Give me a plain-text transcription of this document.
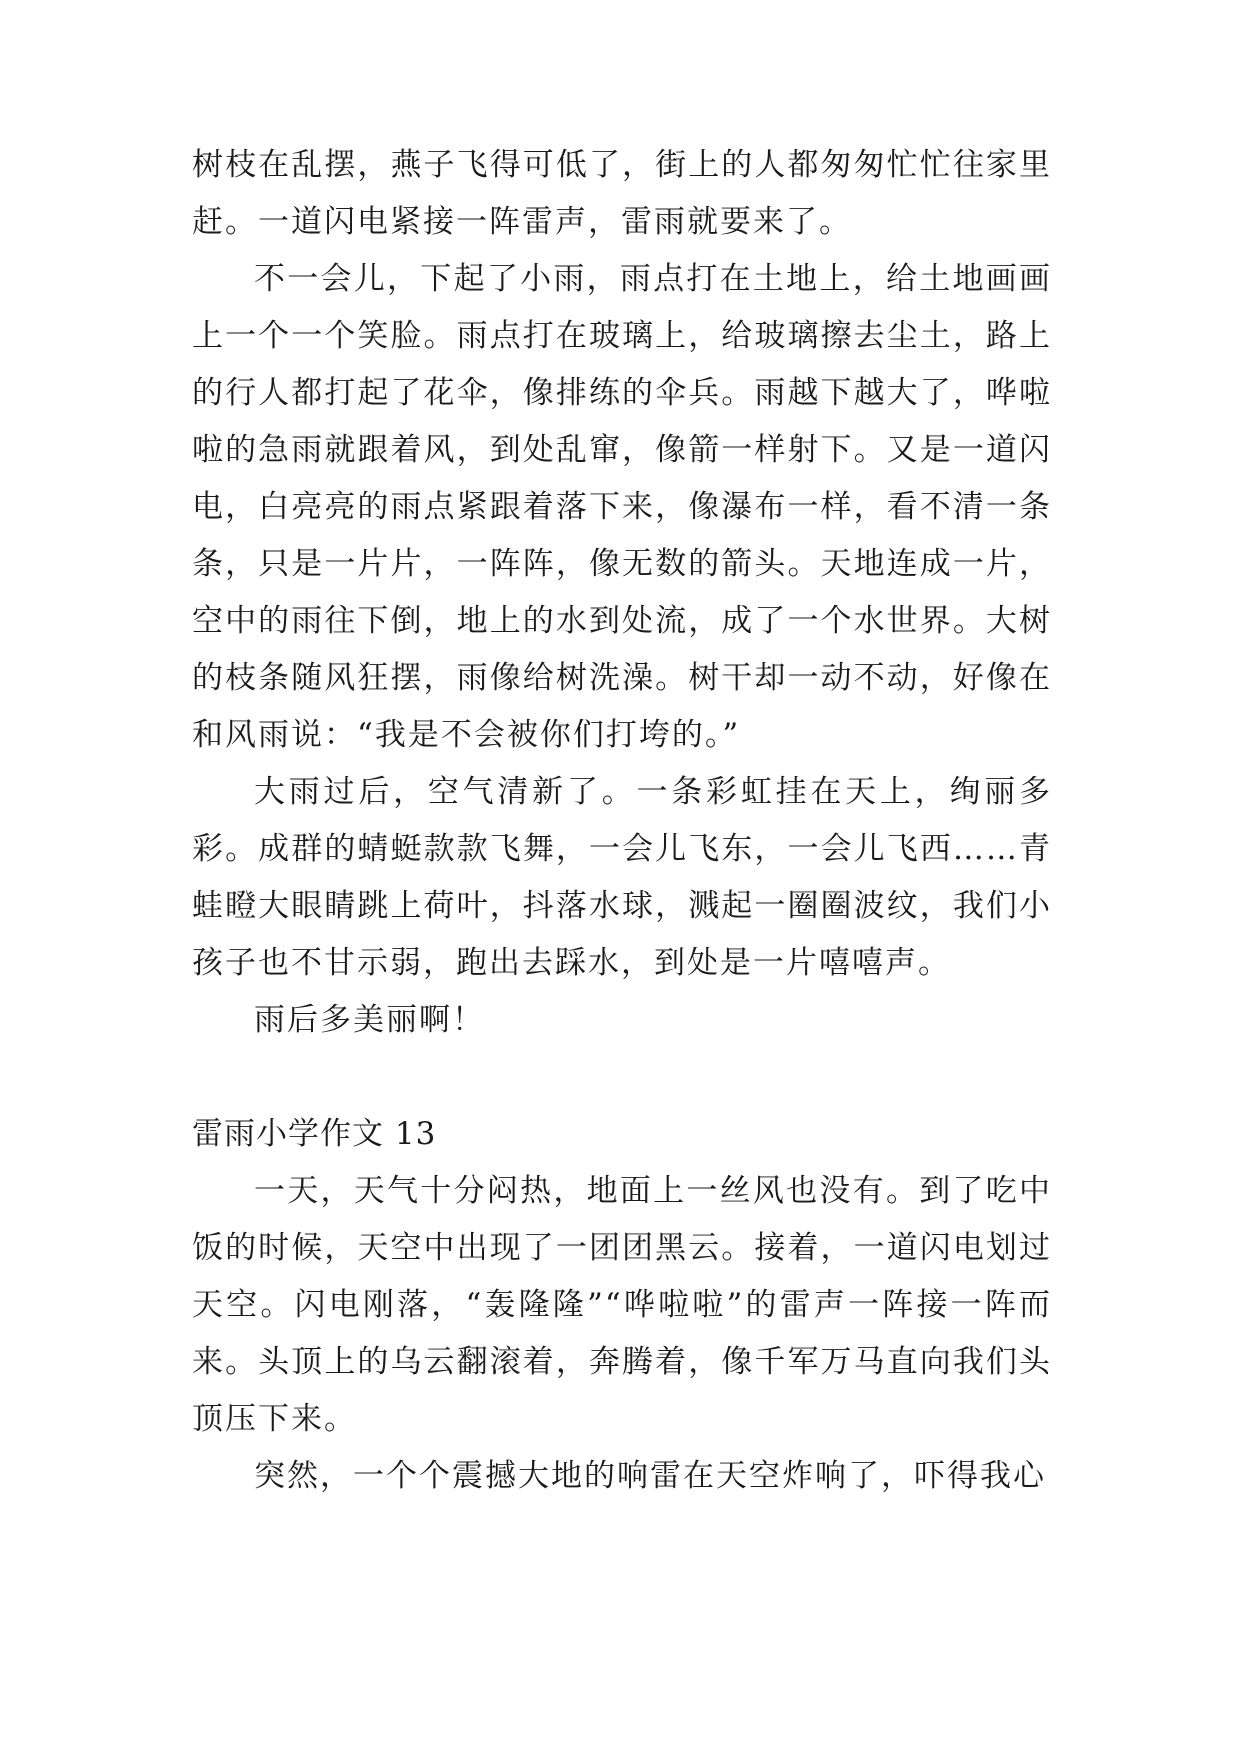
树枝在乱摆，燕子飞得可低了，街上的人都匆匆忙忙往家里赶。一道闪电紧接一阵雷声，雷雨就要来了。

不一会儿，下起了小雨，雨点打在土地上，给土地画画上一个一个笑脸。雨点打在玻璃上，给玻璃擦去尘土，路上的行人都打起了花伞，像排练的伞兵。雨越下越大了，哗啦啦的急雨就跟着风，到处乱窜，像箭一样射下。又是一道闪电，白亮亮的雨点紧跟着落下来，像瀑布一样，看不清一条条，只是一片片，一阵阵，像无数的箭头。天地连成一片，空中的雨往下倒，地上的水到处流，成了一个水世界。大树的枝条随风狂摆，雨像给树洗澡。树干却一动不动，好像在和风雨说：“我是不会被你们打垮的。”

大雨过后，空气清新了。一条彩虹挂在天上，绚丽多彩。成群的蜻蜓款款飞舞，一会儿飞东，一会儿飞西……青蛙瞪大眼睛跳上荷叶，抖落水球，溅起一圈圈波纹，我们小孩子也不甘示弱，跑出去踩水，到处是一片嘻嘻声。

雨后多美丽啊！

雷雨小学作文 13

一天，天气十分闷热，地面上一丝风也没有。到了吃中饭的时候，天空中出现了一团团黑云。接着，一道闪电划过天空。闪电刚落，“轰隆隆”“哗啦啦”的雷声一阵接一阵而来。头顶上的乌云翻滚着，奔腾着，像千军万马直向我们头顶压下来。

突然，一个个震撼大地的响雷在天空炸响了，吓得我心
